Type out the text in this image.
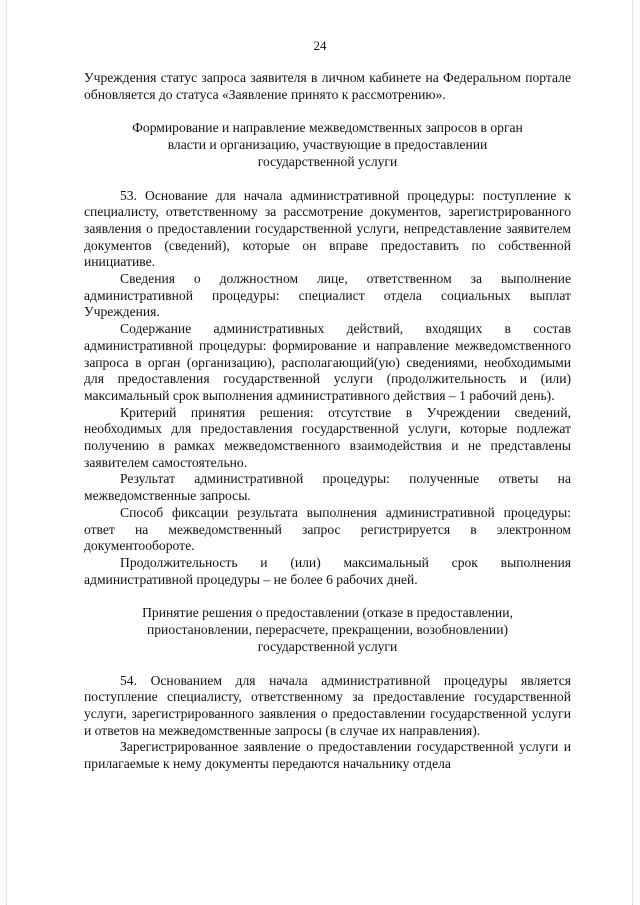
24

Учреждения статус запроса заявителя в личном кабинете на Федеральном портале обновляется до статуса «Заявление принято к рассмотрению».

Формирование и направление межведомственных запросов в орган власти и организацию, участвующие в предоставлении государственной услуги

53. Основание для начала административной процедуры: поступление к специалисту, ответственному за рассмотрение документов, зарегистрированного заявления о предоставлении государственной услуги, непредставление заявителем документов (сведений), которые он вправе предоставить по собственной инициативе.

Сведения о должностном лице, ответственном за выполнение административной процедуры: специалист отдела социальных выплат Учреждения.

Содержание административных действий, входящих в состав административной процедуры: формирование и направление межведомственного запроса в орган (организацию), располагающий(ую) сведениями, необходимыми для предоставления государственной услуги (продолжительность и (или) максимальный срок выполнения административного действия – 1 рабочий день).

Критерий принятия решения: отсутствие в Учреждении сведений, необходимых для предоставления государственной услуги, которые подлежат получению в рамках межведомственного взаимодействия и не представлены заявителем самостоятельно.

Результат административной процедуры: полученные ответы на межведомственные запросы.

Способ фиксации результата выполнения административной процедуры: ответ на межведомственный запрос регистрируется в электронном документообороте.

Продолжительность и (или) максимальный срок выполнения административной процедуры – не более 6 рабочих дней.

Принятие решения о предоставлении (отказе в предоставлении, приостановлении, перерасчете, прекращении, возобновлении) государственной услуги

54. Основанием для начала административной процедуры является поступление специалисту, ответственному за предоставление государственной услуги, зарегистрированного заявления о предоставлении государственной услуги и ответов на межведомственные запросы (в случае их направления).

Зарегистрированное заявление о предоставлении государственной услуги и прилагаемые к нему документы передаются начальнику отдела
